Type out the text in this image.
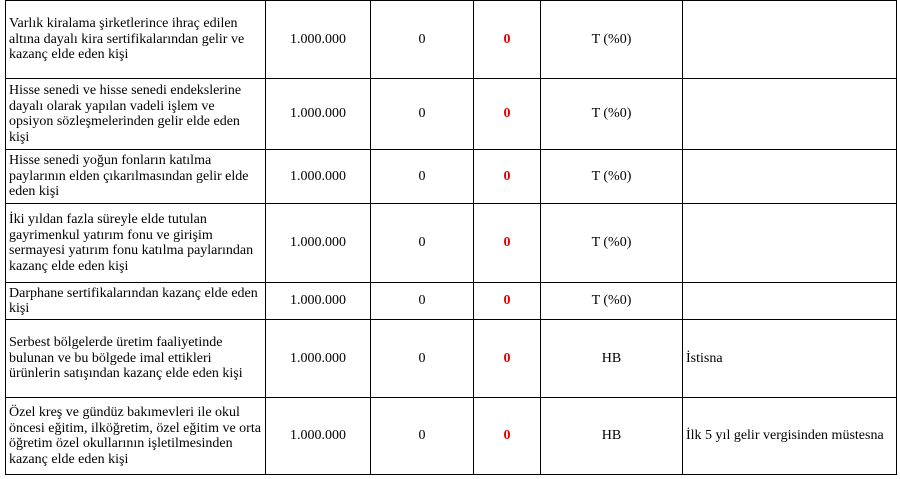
Varlık kiralama şirketlerince ihraç edilen altına dayalı kira sertifikalarından gelir ve kazanç elde eden kişi	1.000.000	0	0	T (%0)	
Hisse senedi ve hisse senedi endekslerine dayalı olarak yapılan vadeli işlem ve opsiyon sözleşmelerinden gelir elde eden kişi	1.000.000	0	0	T (%0)	
Hisse senedi yoğun fonların katılma paylarının elden çıkarılmasından gelir elde eden kişi	1.000.000	0	0	T (%0)	
İki yıldan fazla süreyle elde tutulan gayrimenkul yatırım fonu ve girişim sermayesi yatırım fonu katılma paylarından kazanç elde eden kişi	1.000.000	0	0	T (%0)	
Darphane sertifikalarından kazanç elde eden kişi	1.000.000	0	0	T (%0)	
Serbest bölgelerde üretim faaliyetinde bulunan ve bu bölgede imal ettikleri ürünlerin satışından kazanç elde eden kişi	1.000.000	0	0	HB	İstisna
Özel kreş ve gündüz bakımevleri ile okul öncesi eğitim, ilköğretim, özel eğitim ve orta öğretim özel okullarının işletilmesinden kazanç elde eden kişi	1.000.000	0	0	HB	İlk 5 yıl gelir vergisinden müstesna
